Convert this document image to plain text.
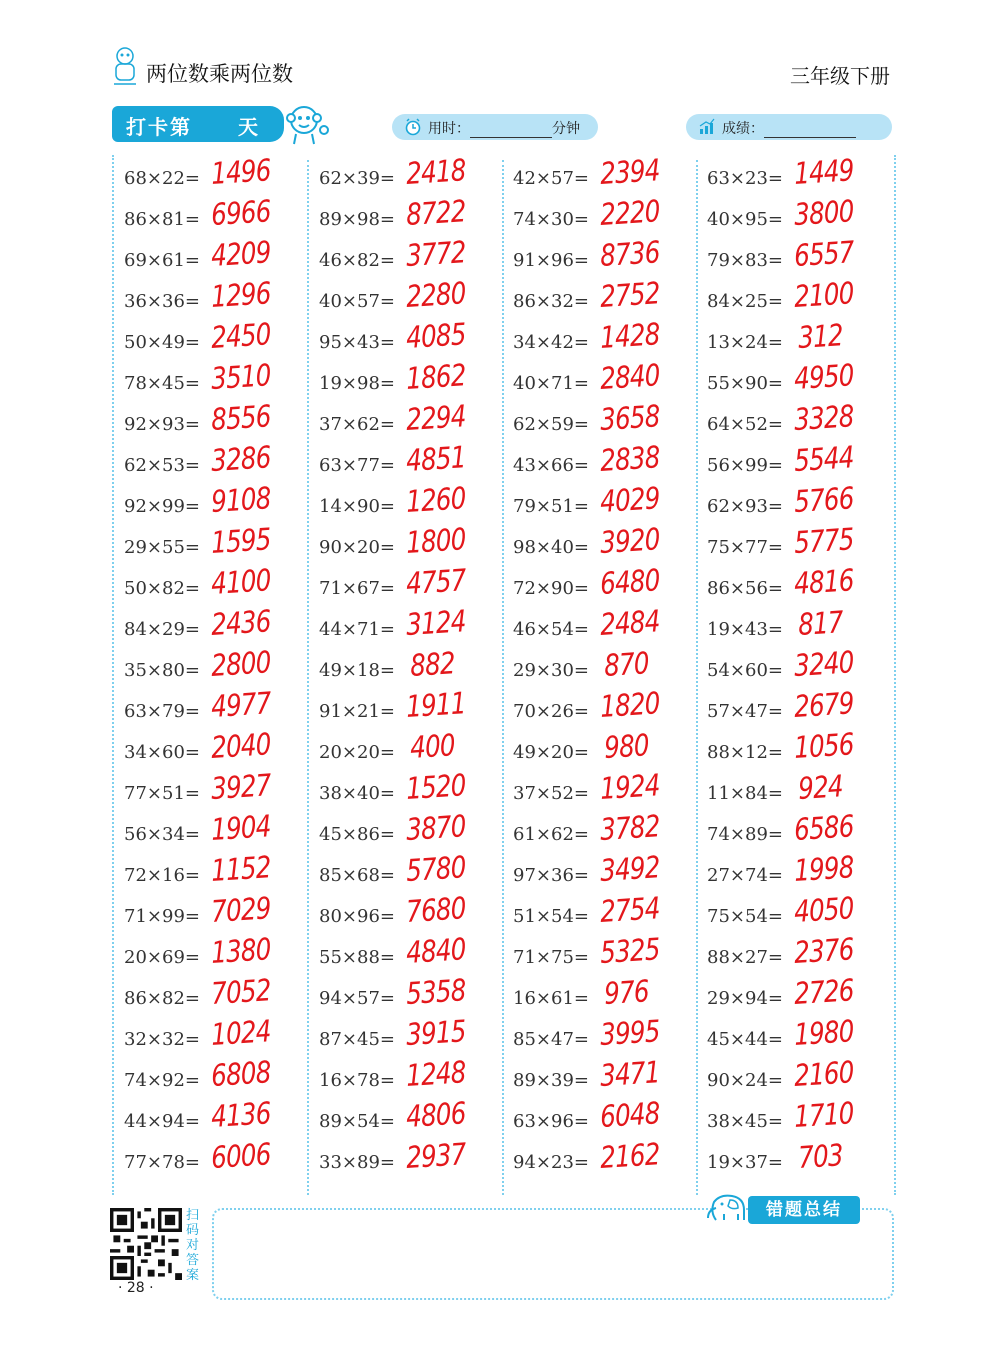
两位数乘两位数	三年级下册
打卡第 天	用时：	分钟	成绩：
68×22= 1496
86×81= 6966
69×61= 4209
36×36= 1296
50×49= 2450
78×45= 3510
92×93= 8556
62×53= 3286
92×99= 9108
29×55= 1595
50×82= 4100
84×29= 2436
35×80= 2800
63×79= 4977
34×60= 2040
77×51= 3927
56×34= 1904
72×16= 1152
71×99= 7029
20×69= 1380
86×82= 7052
32×32= 1024
74×92= 6808
44×94= 4136
77×78= 6006
62×39= 2418
89×98= 8722
46×82= 3772
40×57= 2280
95×43= 4085
19×98= 1862
37×62= 2294
63×77= 4851
14×90= 1260
90×20= 1800
71×67= 4757
44×71= 3124
49×18= 882
91×21= 1911
20×20= 400
38×40= 1520
45×86= 3870
85×68= 5780
80×96= 7680
55×88= 4840
94×57= 5358
87×45= 3915
16×78= 1248
89×54= 4806
33×89= 2937
42×57= 2394
74×30= 2220
91×96= 8736
86×32= 2752
34×42= 1428
40×71= 2840
62×59= 3658
43×66= 2838
79×51= 4029
98×40= 3920
72×90= 6480
46×54= 2484
29×30= 870
70×26= 1820
49×20= 980
37×52= 1924
61×62= 3782
97×36= 3492
51×54= 2754
71×75= 5325
16×61= 976
85×47= 3995
89×39= 3471
63×96= 6048
94×23= 2162
63×23= 1449
40×95= 3800
79×83= 6557
84×25= 2100
13×24= 312
55×90= 4950
64×52= 3328
56×99= 5544
62×93= 5766
75×77= 5775
86×56= 4816
19×43= 817
54×60= 3240
57×47= 2679
88×12= 1056
11×84= 924
74×89= 6586
27×74= 1998
75×54= 4050
88×27= 2376
29×94= 2726
45×44= 1980
90×24= 2160
38×45= 1710
19×37= 703
扫码对答案
· 28 ·
错题总结
